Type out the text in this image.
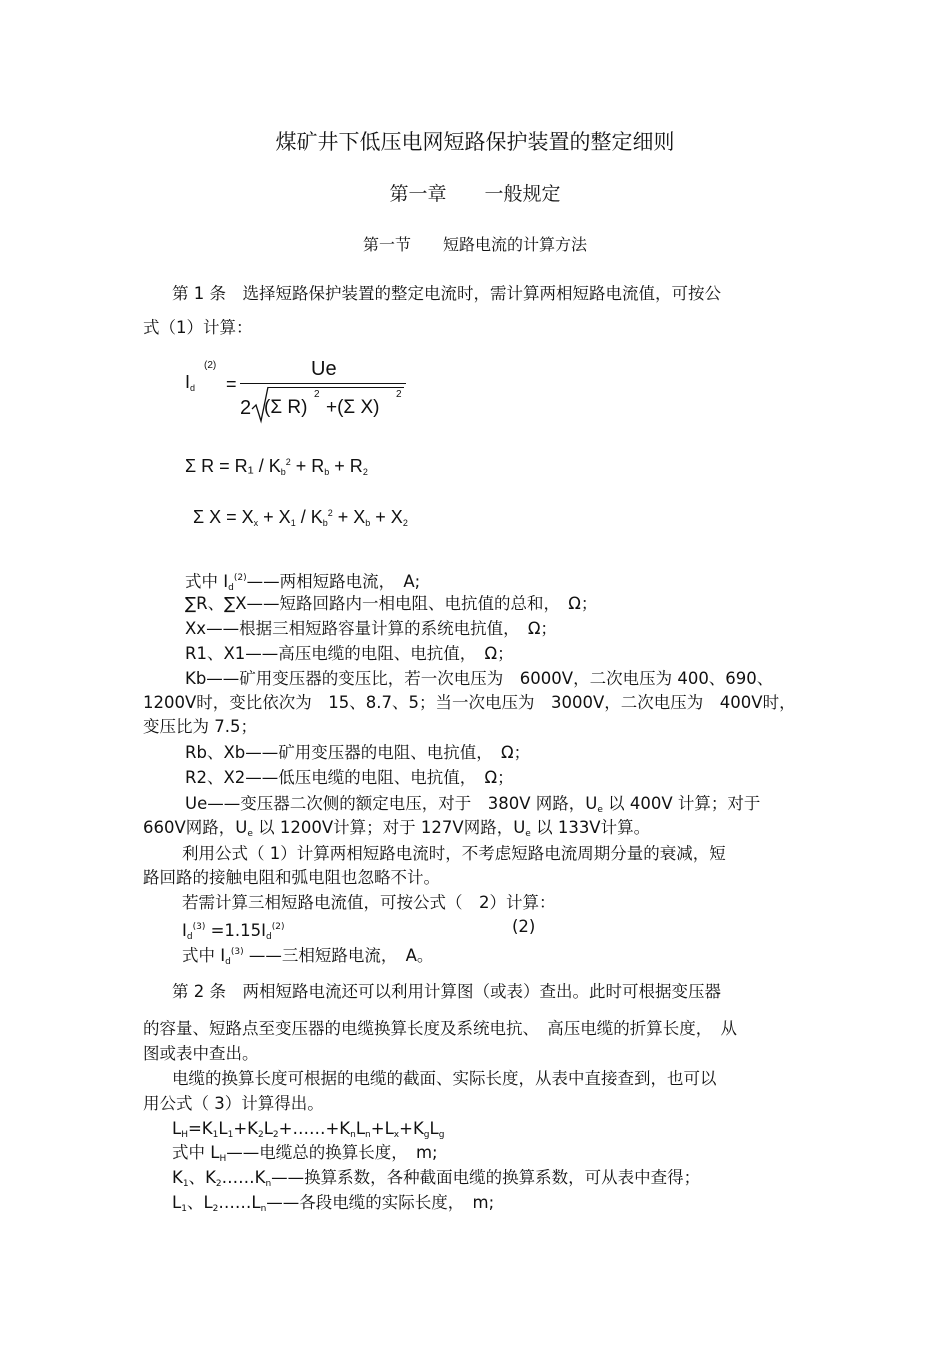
煤矿井下低压电网短路保护装置的整定细则
第一章　　一般规定
第一节　　短路电流的计算方法
第 1 条　选择短路保护装置的整定电流时，需计算两相短路电流值，可按公
式（1）计算：
$I_d$
(2)
=
Ue
2 (Σ R)
2
+(Σ X)
2
Σ $R = R_1 / K_b^2 + R_b + R_2$
Σ $X = X_x + X_1 / K_b^2 + X_b + X_2$
式中 $I_d^{(2)}——$两相短路电流，　A;
∑R、∑X——短路回路内一相电阻、电抗值的总和，　Ω；
Xx——根据三相短路容量计算的系统电抗值，　Ω；
R1、X1——高压电缆的电阻、电抗值，　Ω；
Kb——矿用变压器的变压比，若一次电压为　6000V，二次电压为 400、690、
1200V时，变比依次为　15、8.7、5；当一次电压为　3000V，二次电压为　400V时，
变压比为 7.5；
Rb、Xb——矿用变压器的电阻、电抗值，　Ω；
R2、X2——低压电缆的电阻、电抗值，　Ω；
Ue——变压器二次侧的额定电压，对于　380V 网路，$U_e$ 以 400V 计算；对于
660V网路，$U_e$ 以 1200V计算；对于 127V网路，$U_e$ 以 133V计算。
利用公式（ 1）计算两相短路电流时，不考虑短路电流周期分量的衰减，短
路回路的接触电阻和弧电阻也忽略不计。
若需计算三相短路电流值，可按公式（　2）计算：
$I_d^{(3)} =1.15I_d^{(2)}$	(2)
式中 $I_d^{(3)}$ ——三相短路电流，　A。
第 2 条　两相短路电流还可以利用计算图（或表）查出。此时可根据变压器
的容量、短路点至变压器的电缆换算长度及系统电抗、　高压电缆的折算长度，　从
图或表中查出。
电缆的换算长度可根据的电缆的截面、实际长度，从表中直接查到，也可以
用公式（ 3）计算得出。
$L_H=K_1L_1+K_2L_2+\dots\dots+K_nL_n+L_x+K_gL_g$
式中 $L_H——$电缆总的换算长度，　m;
$K_1$、$K_2\dots\dots K_n——$换算系数，各种截面电缆的换算系数，可从表中查得；
$L_1$、$L_2\dots\dots L_n——$各段电缆的实际长度，　m;
